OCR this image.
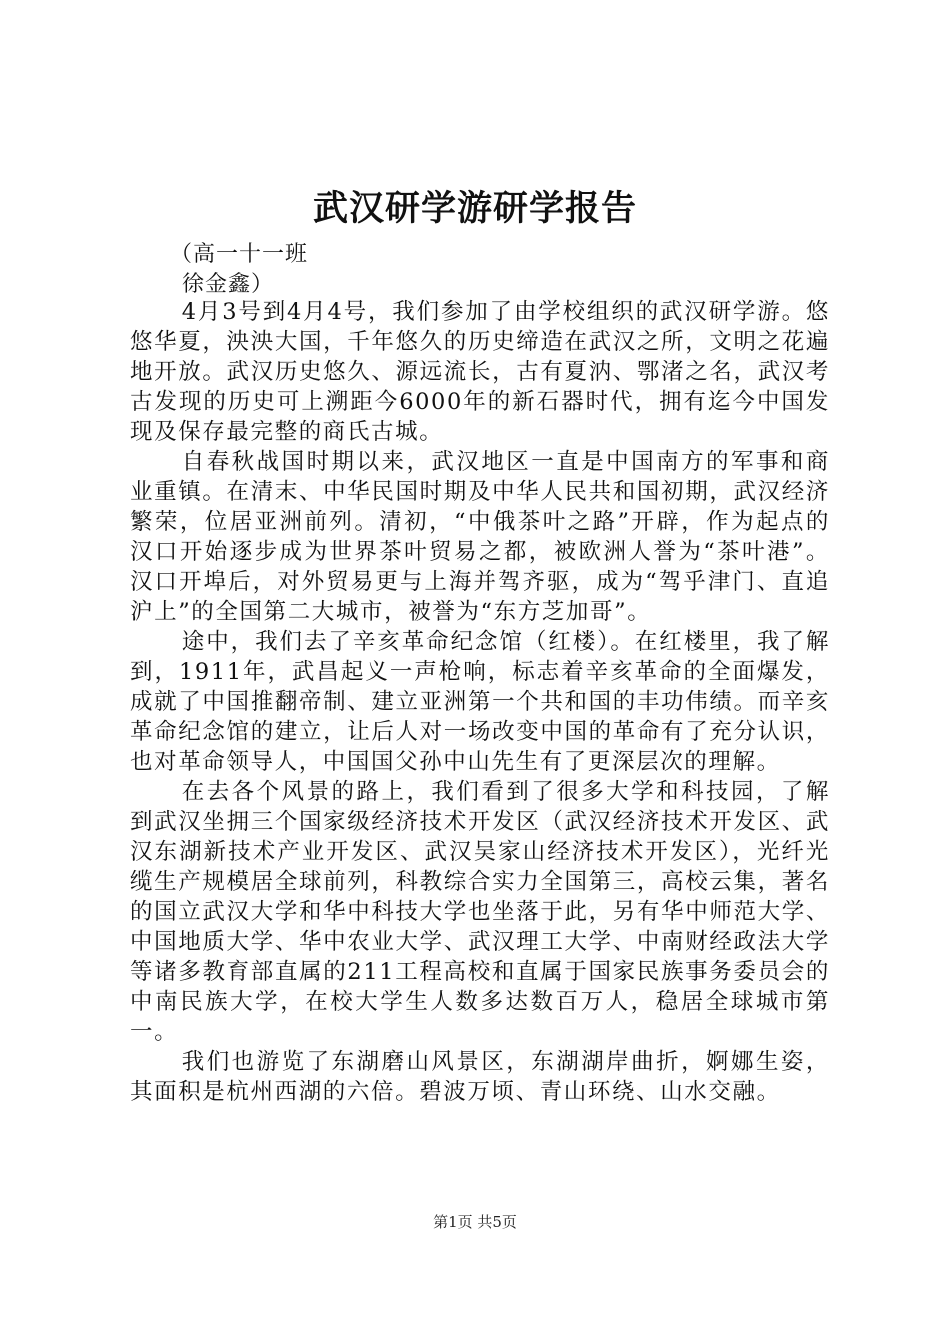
武汉研学游研学报告
（高一十一班
徐金鑫）

4月3号到4月4号，我们参加了由学校组织的武汉研学游。悠悠华夏，泱泱大国，千年悠久的历史缔造在武汉之所，文明之花遍地开放。武汉历史悠久、源远流长，古有夏汭、鄂渚之名，武汉考古发现的历史可上溯距今6000年的新石器时代，拥有迄今中国发现及保存最完整的商氏古城。

自春秋战国时期以来，武汉地区一直是中国南方的军事和商业重镇。在清末、中华民国时期及中华人民共和国初期，武汉经济繁荣，位居亚洲前列。清初，“中俄茶叶之路”开辟，作为起点的汉口开始逐步成为世界茶叶贸易之都，被欧洲人誉为“茶叶港”。汉口开埠后，对外贸易更与上海并驾齐驱，成为“驾乎津门、直追沪上”的全国第二大城市，被誉为“东方芝加哥”。

途中，我们去了辛亥革命纪念馆（红楼）。在红楼里，我了解到，1911年，武昌起义一声枪响，标志着辛亥革命的全面爆发，成就了中国推翻帝制、建立亚洲第一个共和国的丰功伟绩。而辛亥革命纪念馆的建立，让后人对一场改变中国的革命有了充分认识，也对革命领导人，中国国父孙中山先生有了更深层次的理解。

在去各个风景的路上，我们看到了很多大学和科技园，了解到武汉坐拥三个国家级经济技术开发区（武汉经济技术开发区、武汉东湖新技术产业开发区、武汉吴家山经济技术开发区），光纤光缆生产规模居全球前列，科教综合实力全国第三，高校云集，著名的国立武汉大学和华中科技大学也坐落于此，另有华中师范大学、中国地质大学、华中农业大学、武汉理工大学、中南财经政法大学等诸多教育部直属的211工程高校和直属于国家民族事务委员会的中南民族大学，在校大学生人数多达数百万人，稳居全球城市第一。

我们也游览了东湖磨山风景区，东湖湖岸曲折，婀娜生姿，其面积是杭州西湖的六倍。碧波万顷、青山环绕、山水交融。

第1页 共5页
